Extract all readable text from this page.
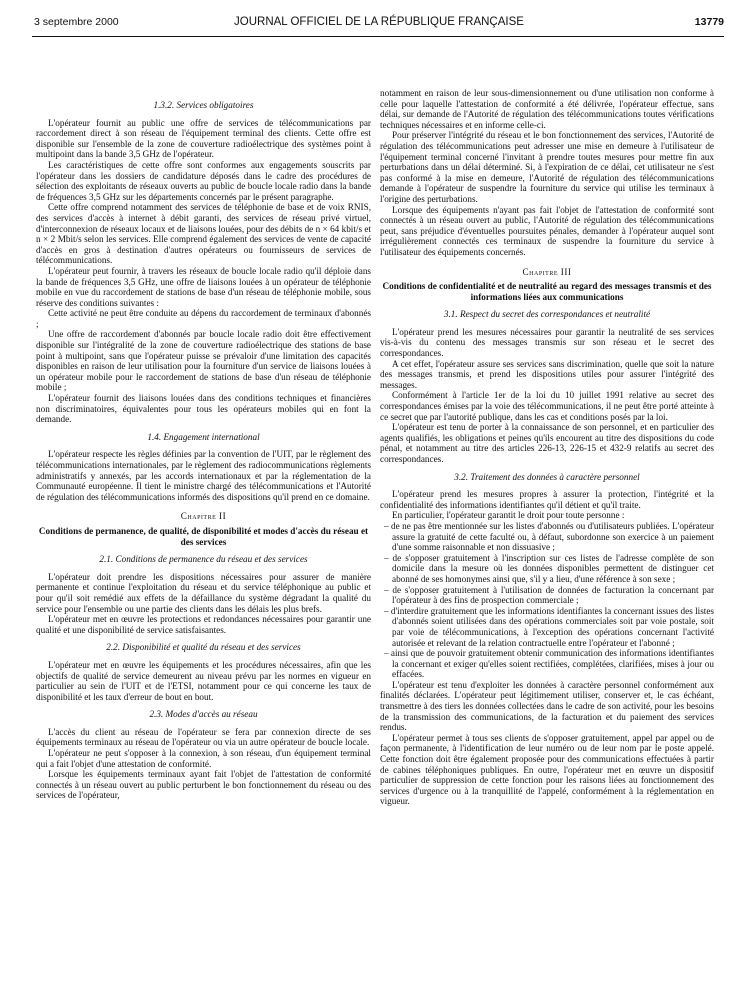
3 septembre 2000	JOURNAL OFFICIEL DE LA RÉPUBLIQUE FRANÇAISE	13779

1.3.2. Services obligatoires

L'opérateur fournit au public une offre de services de télécommunications par raccordement direct à son réseau de l'équipement terminal des clients. Cette offre est disponible sur l'ensemble de la zone de couverture radioélectrique des systèmes point à multipoint dans la bande 3,5 GHz de l'opérateur.

Les caractéristiques de cette offre sont conformes aux engagements souscrits par l'opérateur dans les dossiers de candidature déposés dans le cadre des procédures de sélection des exploitants de réseaux ouverts au public de boucle locale radio dans la bande de fréquences 3,5 GHz sur les départements concernés par le présent paragraphe.

Cette offre comprend notamment des services de téléphonie de base et de voix RNIS, des services d'accès à internet à débit garanti, des services de réseau privé virtuel, d'interconnexion de réseaux locaux et de liaisons louées, pour des débits de n × 64 kbit/s et n × 2 Mbit/s selon les services. Elle comprend également des services de vente de capacité d'accès en gros à destination d'autres opérateurs ou fournisseurs de services de télécommunications.

L'opérateur peut fournir, à travers les réseaux de boucle locale radio qu'il déploie dans la bande de fréquences 3,5 GHz, une offre de liaisons louées à un opérateur de téléphonie mobile en vue du raccordement de stations de base d'un réseau de téléphonie mobile, sous réserve des conditions suivantes :

Cette activité ne peut être conduite au dépens du raccordement de terminaux d'abonnés ;

Une offre de raccordement d'abonnés par boucle locale radio doit être effectivement disponible sur l'intégralité de la zone de couverture radioélectrique des stations de base point à multipoint, sans que l'opérateur puisse se prévaloir d'une limitation des capacités disponibles en raison de leur utilisation pour la fourniture d'un service de liaisons louées à un opérateur mobile pour le raccordement de stations de base d'un réseau de téléphonie mobile ;

L'opérateur fournit des liaisons louées dans des conditions techniques et financières non discriminatoires, équivalentes pour tous les opérateurs mobiles qui en font la demande.

1.4. Engagement international

L'opérateur respecte les règles définies par la convention de l'UIT, par le règlement des télécommunications internationales, par le règlement des radiocommunications règlements administratifs y annexés, par les accords internationaux et par la réglementation de la Communauté européenne. Il tient le ministre chargé des télécommunications et l'Autorité de régulation des télécommunications informés des dispositions qu'il prend en ce domaine.

Chapitre II

Conditions de permanence, de qualité, de disponibilité et modes d'accès du réseau et des services

2.1. Conditions de permanence du réseau et des services

L'opérateur doit prendre les dispositions nécessaires pour assurer de manière permanente et continue l'exploitation du réseau et du service téléphonique au public et pour qu'il soit remédié aux effets de la défaillance du système dégradant la qualité du service pour l'ensemble ou une partie des clients dans les délais les plus brefs.

L'opérateur met en œuvre les protections et redondances nécessaires pour garantir une qualité et une disponibilité de service satisfaisantes.

2.2. Disponibilité et qualité du réseau et des services

L'opérateur met en œuvre les équipements et les procédures nécessaires, afin que les objectifs de qualité de service demeurent au niveau prévu par les normes en vigueur en particulier au sein de l'UIT et de l'ETSI, notamment pour ce qui concerne les taux de disponibilité et les taux d'erreur de bout en bout.

2.3. Modes d'accès au réseau

L'accès du client au réseau de l'opérateur se fera par connexion directe de ses équipements terminaux au réseau de l'opérateur ou via un autre opérateur de boucle locale.

L'opérateur ne peut s'opposer à la connexion, à son réseau, d'un équipement terminal qui a fait l'objet d'une attestation de conformité.

Lorsque les équipements terminaux ayant fait l'objet de l'attestation de conformité connectés à un réseau ouvert au public perturbent le bon fonctionnement du réseau ou des services de l'opérateur,

notamment en raison de leur sous-dimensionnement ou d'une utilisation non conforme à celle pour laquelle l'attestation de conformité a été délivrée, l'opérateur effectue, sans délai, sur demande de l'Autorité de régulation des télécommunications toutes vérifications techniques nécessaires et en informe celle-ci.

Pour préserver l'intégrité du réseau et le bon fonctionnement des services, l'Autorité de régulation des télécommunications peut adresser une mise en demeure à l'utilisateur de l'équipement terminal concerné l'invitant à prendre toutes mesures pour mettre fin aux perturbations dans un délai déterminé. Si, à l'expiration de ce délai, cet utilisateur ne s'est pas conformé à la mise en demeure, l'Autorité de régulation des télécommunications demande à l'opérateur de suspendre la fourniture du service qui utilise les terminaux à l'origine des perturbations.

Lorsque des équipements n'ayant pas fait l'objet de l'attestation de conformité sont connectés à un réseau ouvert au public, l'Autorité de régulation des télécommunications peut, sans préjudice d'éventuelles poursuites pénales, demander à l'opérateur auquel sont irrégulièrement connectés ces terminaux de suspendre la fourniture du service à l'utilisateur des équipements concernés.

Chapitre III

Conditions de confidentialité et de neutralité au regard des messages transmis et des informations liées aux communications

3.1. Respect du secret des correspondances et neutralité

L'opérateur prend les mesures nécessaires pour garantir la neutralité de ses services vis-à-vis du contenu des messages transmis sur son réseau et le secret des correspondances.

A cet effet, l'opérateur assure ses services sans discrimination, quelle que soit la nature des messages transmis, et prend les dispositions utiles pour assurer l'intégrité des messages.

Conformément à l'article 1er de la loi du 10 juillet 1991 relative au secret des correspondances émises par la voie des télécommunications, il ne peut être porté atteinte à ce secret que par l'autorité publique, dans les cas et conditions posés par la loi.

L'opérateur est tenu de porter à la connaissance de son personnel, et en particulier des agents qualifiés, les obligations et peines qu'ils encourent au titre des dispositions du code pénal, et notamment au titre des articles 226-13, 226-15 et 432-9 relatifs au secret des correspondances.

3.2. Traitement des données à caractère personnel

L'opérateur prend les mesures propres à assurer la protection, l'intégrité et la confidentialité des informations identifiantes qu'il détient et qu'il traite.

En particulier, l'opérateur garantit le droit pour toute personne :

– de ne pas être mentionnée sur les listes d'abonnés ou d'utilisateurs publiées. L'opérateur assure la gratuité de cette faculté ou, à défaut, subordonne son exercice à un paiement d'une somme raisonnable et non dissuasive ;

– de s'opposer gratuitement à l'inscription sur ces listes de l'adresse complète de son domicile dans la mesure où les données disponibles permettent de distinguer cet abonné de ses homonymes ainsi que, s'il y a lieu, d'une référence à son sexe ;

– de s'opposer gratuitement à l'utilisation de données de facturation la concernant par l'opérateur à des fins de prospection commerciale ;

– d'interdire gratuitement que les informations identifiantes la concernant issues des listes d'abonnés soient utilisées dans des opérations commerciales soit par voie postale, soit par voie de télécommunications, à l'exception des opérations concernant l'activité autorisée et relevant de la relation contractuelle entre l'opérateur et l'abonné ;

– ainsi que de pouvoir gratuitement obtenir communication des informations identifiantes la concernant et exiger qu'elles soient rectifiées, complétées, clarifiées, mises à jour ou effacées.

L'opérateur est tenu d'exploiter les données à caractère personnel conformément aux finalités déclarées. L'opérateur peut légitimement utiliser, conserver et, le cas échéant, transmettre à des tiers les données collectées dans le cadre de son activité, pour les besoins de la transmission des communications, de la facturation et du paiement des services rendus.

L'opérateur permet à tous ses clients de s'opposer gratuitement, appel par appel ou de façon permanente, à l'identification de leur numéro ou de leur nom par le poste appelé. Cette fonction doit être également proposée pour des communications effectuées à partir de cabines téléphoniques publiques. En outre, l'opérateur met en œuvre un dispositif particulier de suppression de cette fonction pour les raisons liées au fonctionnement des services d'urgence ou à la tranquillité de l'appelé, conformément à la réglementation en vigueur.
